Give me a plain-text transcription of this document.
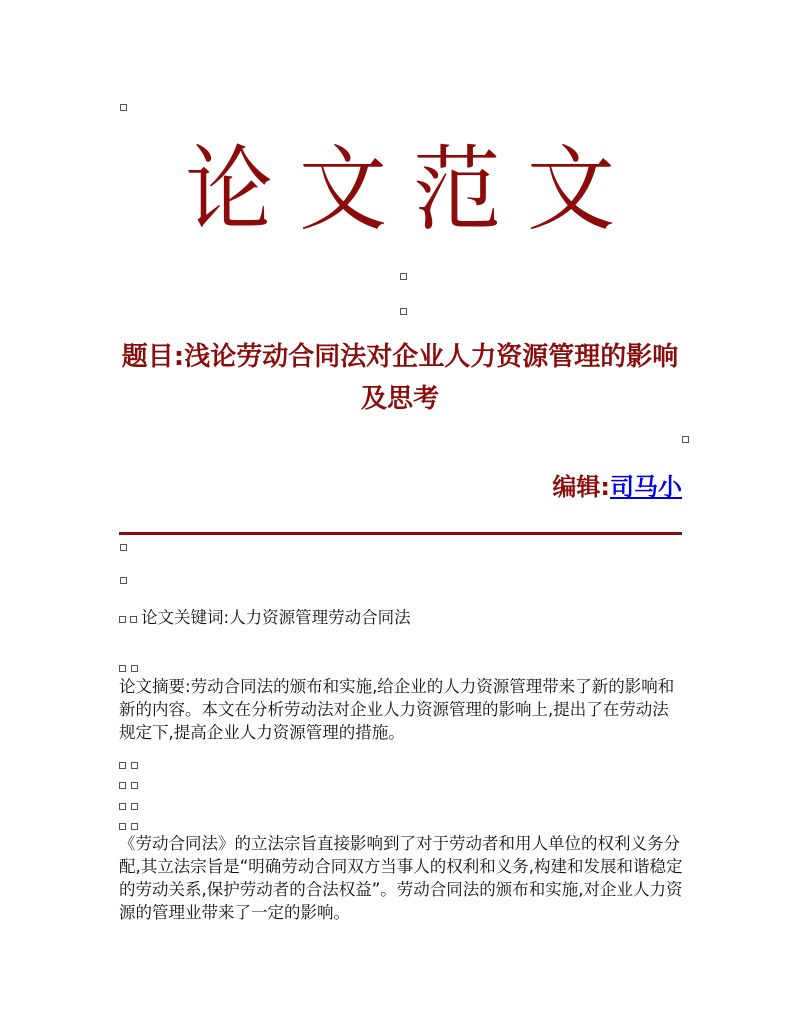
论文范文
题目:浅论劳动合同法对企业人力资源管理的影响及思考
编辑:司马小
论文关键词:人力资源管理劳动合同法
论文摘要:劳动合同法的颁布和实施,给企业的人力资源管理带来了新的影响和新的内容。本文在分析劳动法对企业人力资源管理的影响上,提出了在劳动法规定下,提高企业人力资源管理的措施。
《劳动合同法》的立法宗旨直接影响到了对于劳动者和用人单位的权利义务分配,其立法宗旨是“明确劳动合同双方当事人的权利和义务,构建和发展和谐稳定的劳动关系,保护劳动者的合法权益”。劳动合同法的颁布和实施,对企业人力资源的管理业带来了一定的影响。
